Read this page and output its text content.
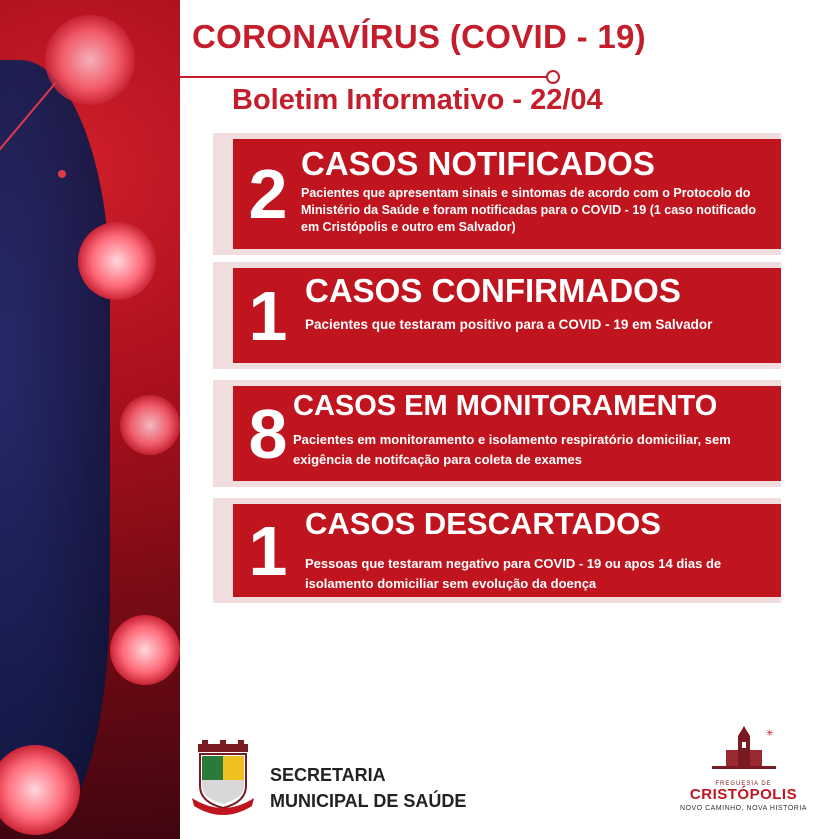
CORONAVÍRUS (COVID - 19)
Boletim Informativo - 22/04
2 CASOS NOTIFICADOS
Pacientes que apresentam sinais e sintomas de acordo com o Protocolo do Ministério da Saúde e foram notificadas para o COVID - 19 (1 caso notificado em Cristópolis e outro em Salvador)
1 CASOS CONFIRMADOS
Pacientes que testaram positivo para a COVID - 19 em Salvador
8 CASOS EM MONITORAMENTO
Pacientes em monitoramento e isolamento respiratório domiciliar, sem exigência de notifcação para coleta de exames
1 CASOS DESCARTADOS
Pessoas que testaram negativo para COVID - 19 ou apos 14 dias de isolamento domiciliar sem evolução da doença
SECRETARIA
MUNICIPAL DE SAÚDE
✳
FREGUESIA DE
CRISTÓPOLIS
NOVO CAMINHO, NOVA HISTÓRIA
